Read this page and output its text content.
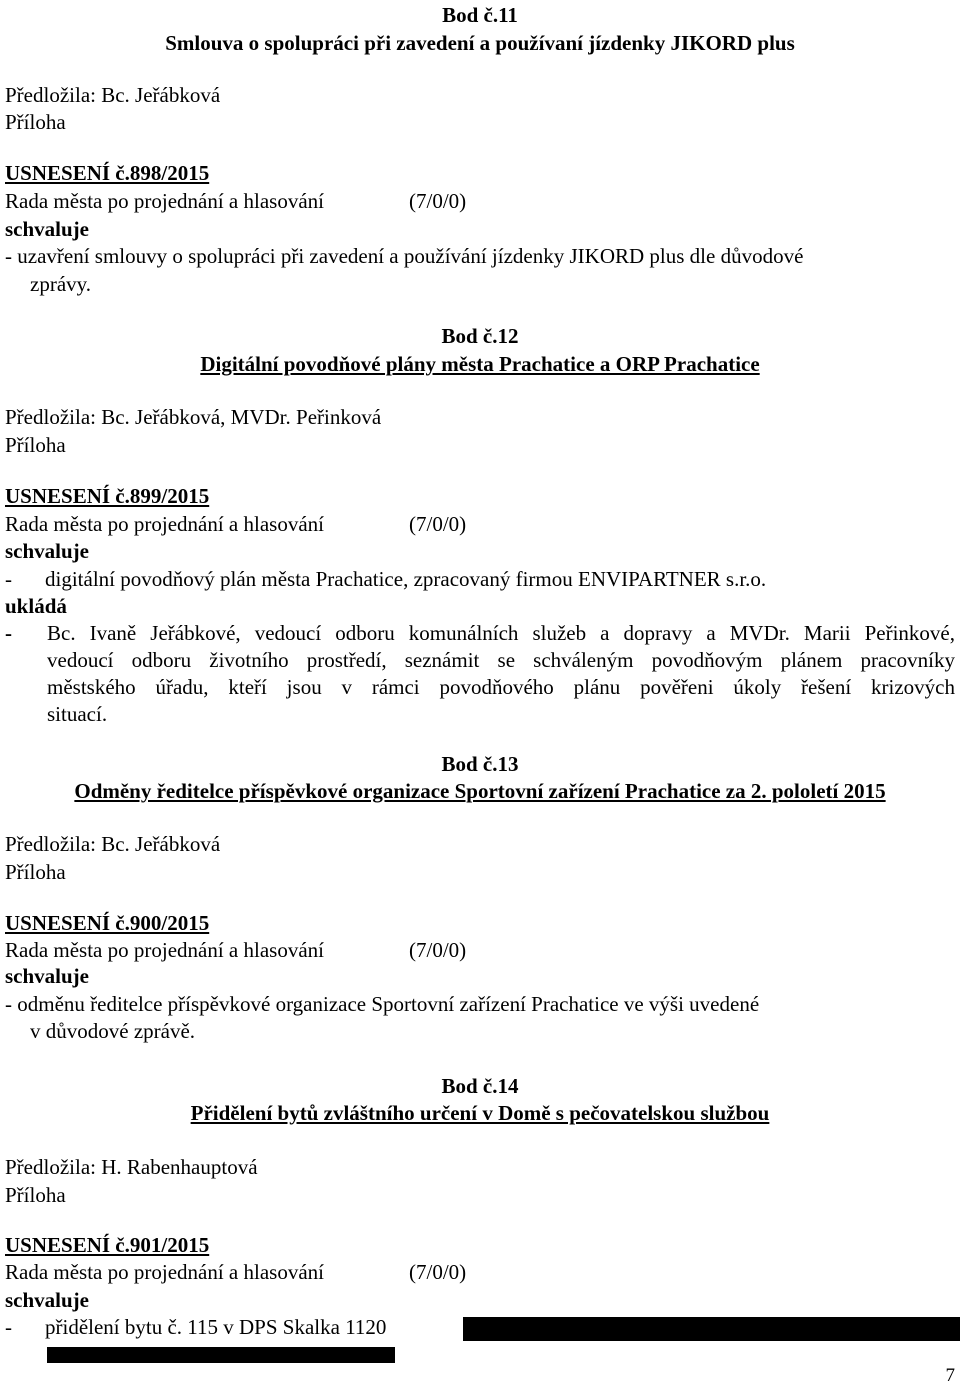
Bod č.11
Smlouva o spolupráci při zavedení a používaní jízdenky JIKORD plus
Předložila: Bc. Jeřábková
Příloha
USNESENÍ č.898/2015
Rada města po projednání a hlasování	(7/0/0)
schvaluje
- uzavření smlouvy o spolupráci při zavedení a používání jízdenky JIKORD plus dle důvodové
zprávy.
Bod č.12
Digitální povodňové plány města Prachatice a ORP Prachatice
Předložila: Bc. Jeřábková, MVDr. Peřinková
Příloha
USNESENÍ č.899/2015
Rada města po projednání a hlasování	(7/0/0)
schvaluje
- digitální povodňový plán města Prachatice, zpracovaný firmou ENVIPARTNER s.r.o.
ukládá
- Bc. Ivaně Jeřábkové, vedoucí odboru komunálních služeb a dopravy a MVDr. Marii Peřinkové,
vedoucí odboru životního prostředí, seznámit se schváleným povodňovým plánem pracovníky
městského úřadu, kteří jsou v rámci povodňového plánu pověřeni úkoly řešení krizových
situací.
Bod č.13
Odměny ředitelce příspěvkové organizace Sportovní zařízení Prachatice za 2. pololetí 2015
Předložila: Bc. Jeřábková
Příloha
USNESENÍ č.900/2015
Rada města po projednání a hlasování	(7/0/0)
schvaluje
- odměnu ředitelce příspěvkové organizace Sportovní zařízení Prachatice ve výši uvedené
v důvodové zprávě.
Bod č.14
Přidělení bytů zvláštního určení v Domě s pečovatelskou službou
Předložila: H. Rabenhauptová
Příloha
USNESENÍ č.901/2015
Rada města po projednání a hlasování	(7/0/0)
schvaluje
- přidělení bytu č. 115 v DPS Skalka 1120
7
